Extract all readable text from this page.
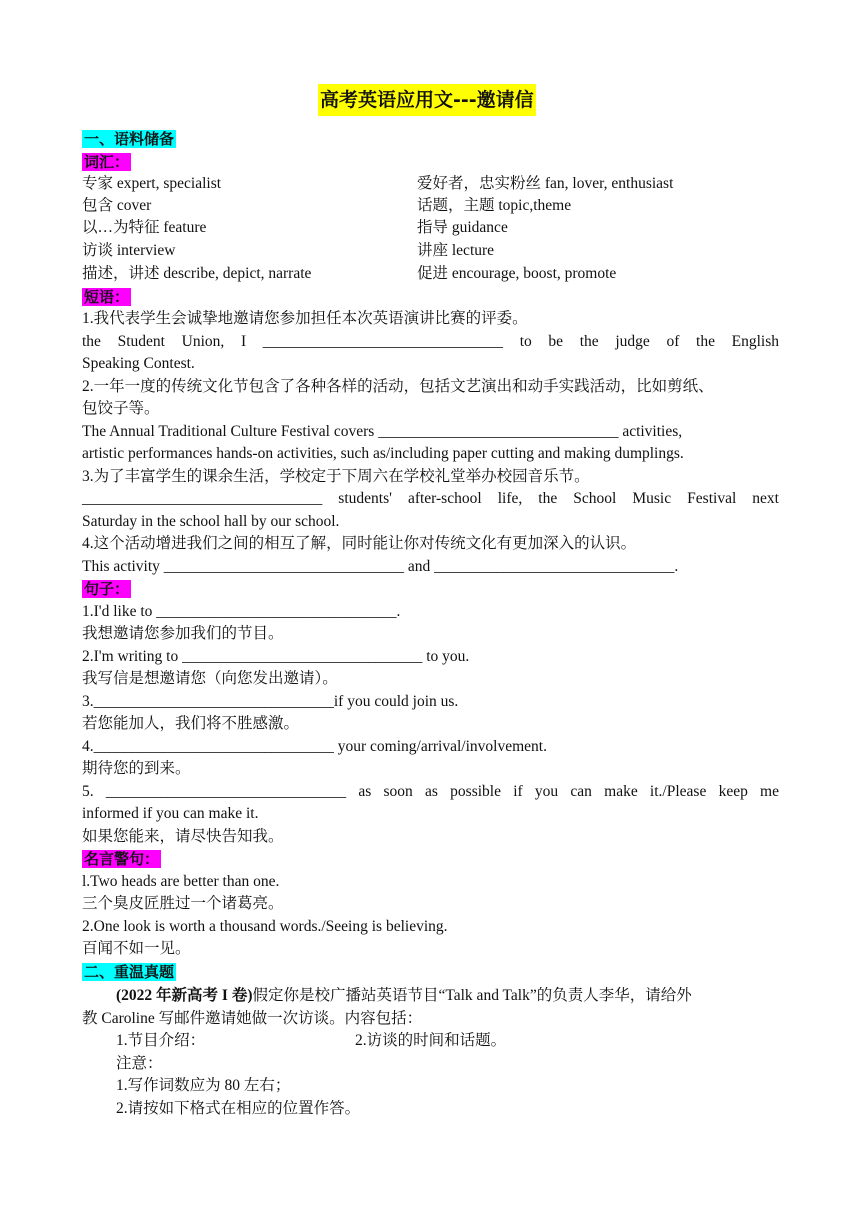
高考英语应用文---邀请信
一、语料储备
词汇：
专家 expert, specialist	爱好者，忠实粉丝 fan, lover, enthusiast
包含 cover	话题，主题 topic,theme
以…为特征 feature	指导 guidance
访谈 interview	讲座 lecture
描述，讲述 describe, depict, narrate	促进 encourage, boost, promote
短语：
1.我代表学生会诚挚地邀请您参加担任本次英语演讲比赛的评委。
the Student Union, I _______________________________ to be the judge of the English
Speaking Contest.
2.一年一度的传统文化节包含了各种各样的活动，包括文艺演出和动手实践活动，比如剪纸、
包饺子等。
The Annual Traditional Culture Festival covers _______________________________ activities,
artistic performances hands-on activities, such as/including paper cutting and making dumplings.
3.为了丰富学生的课余生活，学校定于下周六在学校礼堂举办校园音乐节。
_______________________________ students' after-school life, the School Music Festival next
Saturday in the school hall by our school.
4.这个活动增进我们之间的相互了解，同时能让你对传统文化有更加深入的认识。
This activity _______________________________ and _______________________________.
句子：
1.I'd like to _______________________________.
我想邀请您参加我们的节目。
2.I'm writing to _______________________________ to you.
我写信是想邀请您（向您发出邀请）。
3._______________________________if you could join us.
若您能加人，我们将不胜感激。
4._______________________________ your coming/arrival/involvement.
期待您的到来。
5. _______________________________ as soon as possible if you can make it./Please keep me
informed if you can make it.
如果您能来，请尽快告知我。
名言警句：
l.Two heads are better than one.
三个臭皮匠胜过一个诸葛亮。
2.One look is worth a thousand words./Seeing is believing.
百闻不如一见。
二、重温真题
(2022 年新高考 I 卷)假定你是校广播站英语节目“Talk and Talk”的负责人李华，请给外
教 Caroline 写邮件邀请她做一次访谈。内容包括：
1.节目介绍：	2.访谈的时间和话题。
注意：
1.写作词数应为 80 左右；
2.请按如下格式在相应的位置作答。
